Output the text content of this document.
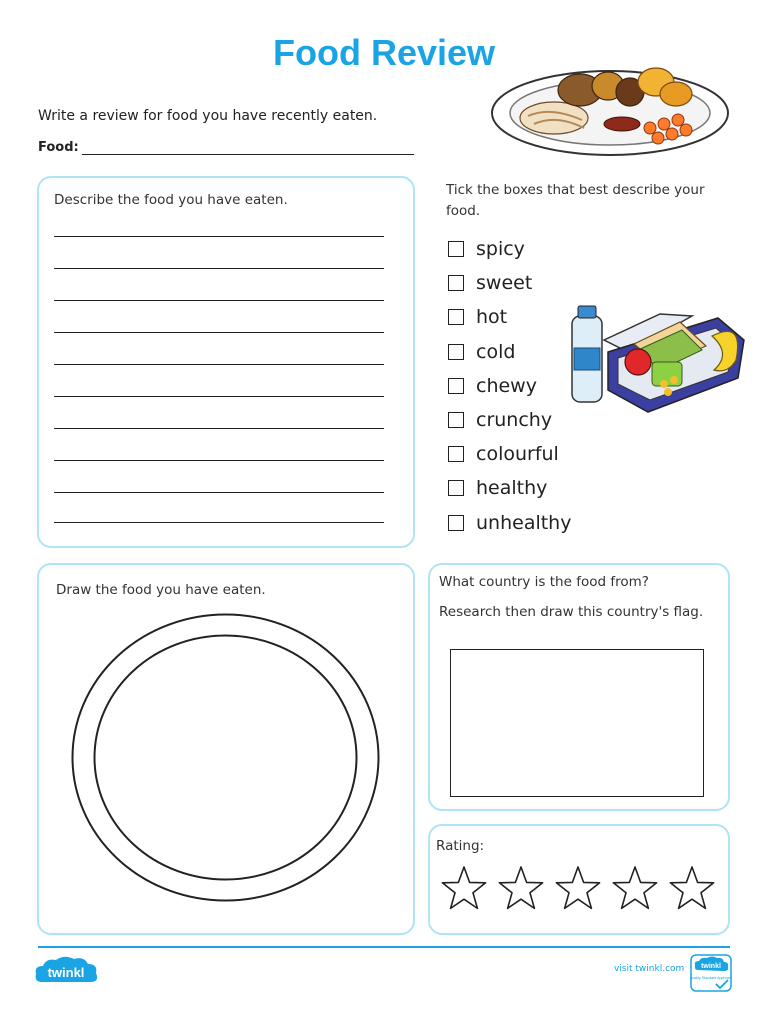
Food Review
Write a review for food you have recently eaten.
Food:
Describe the food you have eaten.
Tick the boxes that best describe your food.
spicy
sweet
hot
cold
chewy
crunchy
colourful
healthy
unhealthy
Draw the food you have eaten.	What country is the food from?
Research then draw this country's flag.
Rating:
twinkl	visit twinkl.com twinkl
Quality Standard Approved
